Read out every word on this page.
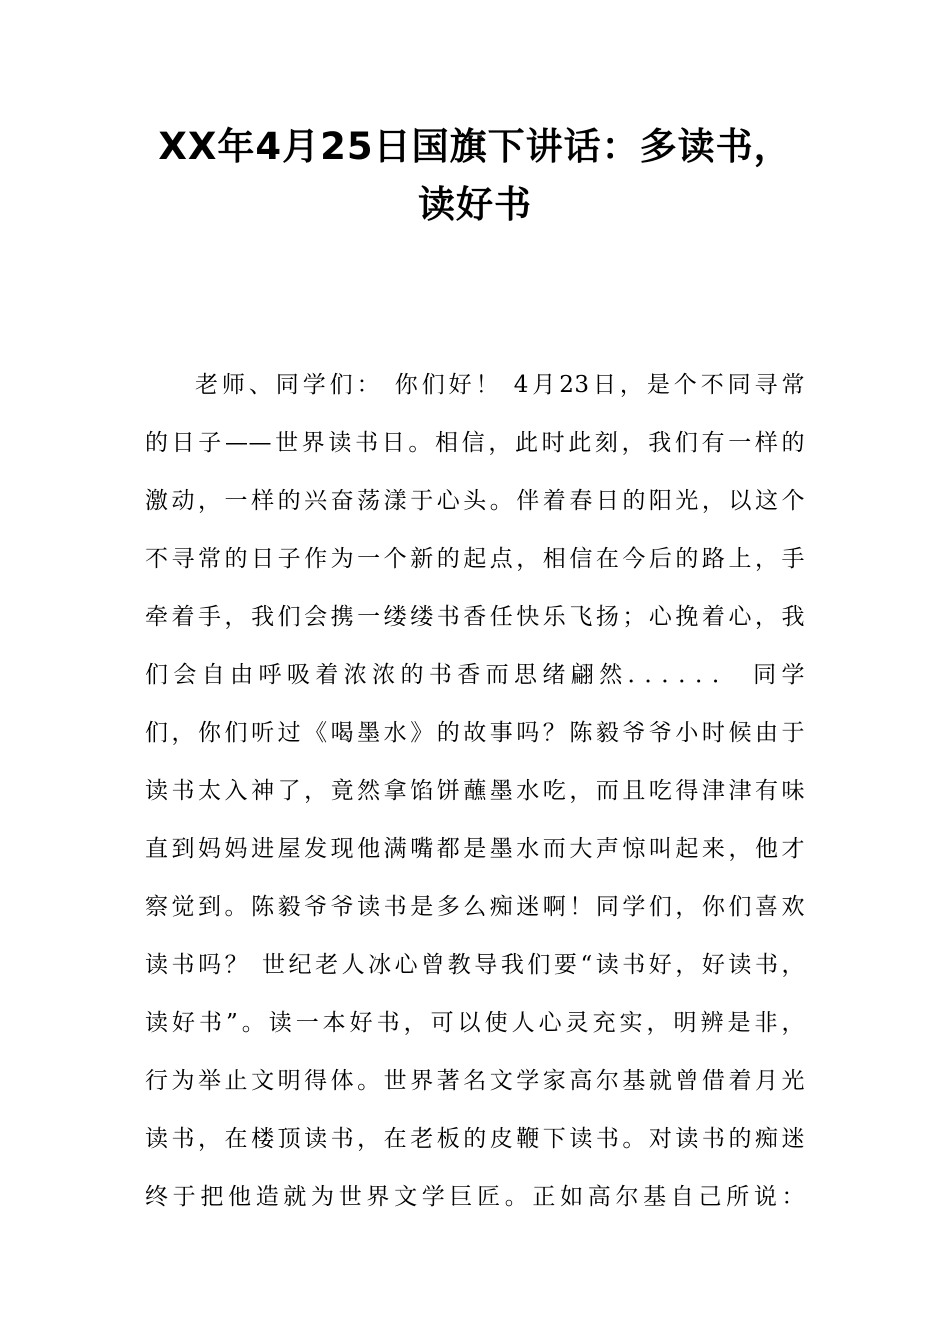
XX年4月25日国旗下讲话：多读书，
读好书
老师、同学们： 你们好！ 4月23日，是个不同寻常
的日子——世界读书日。相信，此时此刻，我们有一样的
激动，一样的兴奋荡漾于心头。伴着春日的阳光，以这个
不寻常的日子作为一个新的起点，相信在今后的路上，手
牵着手，我们会携一缕缕书香任快乐飞扬；心挽着心，我
们会自由呼吸着浓浓的书香而思绪翩然．．．．．． 同学
们，你们听过《喝墨水》的故事吗？陈毅爷爷小时候由于
读书太入神了，竟然拿馅饼蘸墨水吃，而且吃得津津有味
直到妈妈进屋发现他满嘴都是墨水而大声惊叫起来，他才
察觉到。陈毅爷爷读书是多么痴迷啊！同学们，你们喜欢
读书吗？ 世纪老人冰心曾教导我们要“读书好，好读书，
读好书”。读一本好书，可以使人心灵充实，明辨是非，
行为举止文明得体。世界著名文学家高尔基就曾借着月光
读书，在楼顶读书，在老板的皮鞭下读书。对读书的痴迷
终于把他造就为世界文学巨匠。正如高尔基自己所说：
